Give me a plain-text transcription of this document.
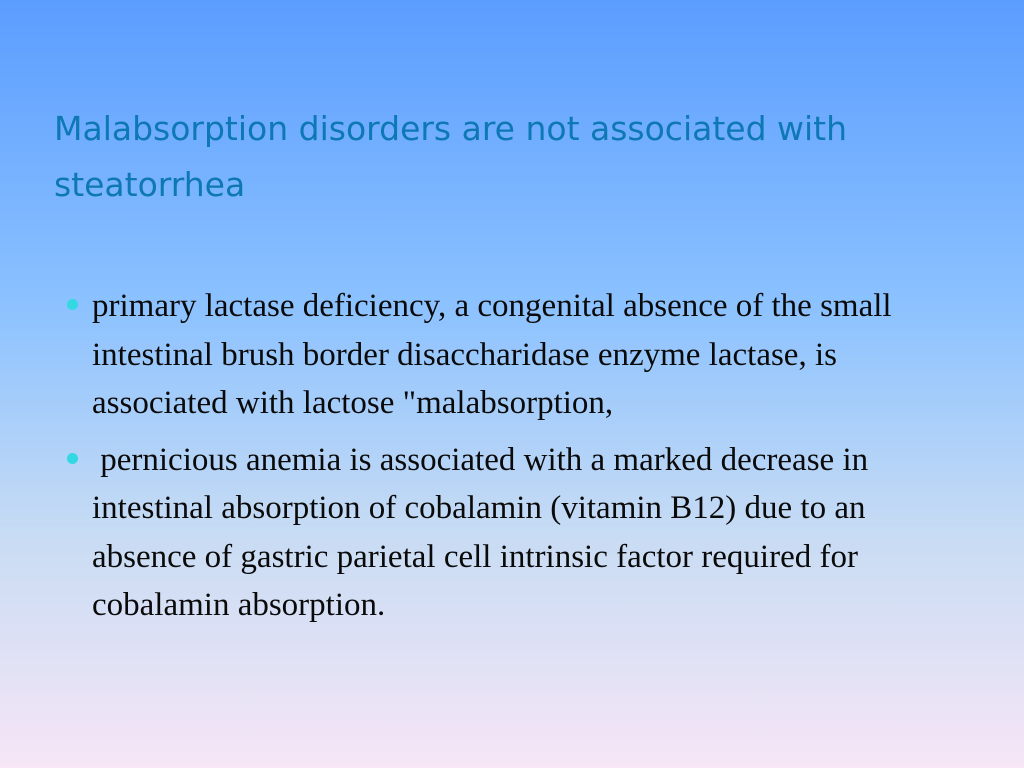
Malabsorption disorders are not associated with steatorrhea
primary lactase deficiency, a congenital absence of the small intestinal brush border disaccharidase enzyme lactase, is associated with lactose "malabsorption,
pernicious anemia is associated with a marked decrease in intestinal absorption of cobalamin (vitamin B12) due to an absence of gastric parietal cell intrinsic factor required for cobalamin absorption.
